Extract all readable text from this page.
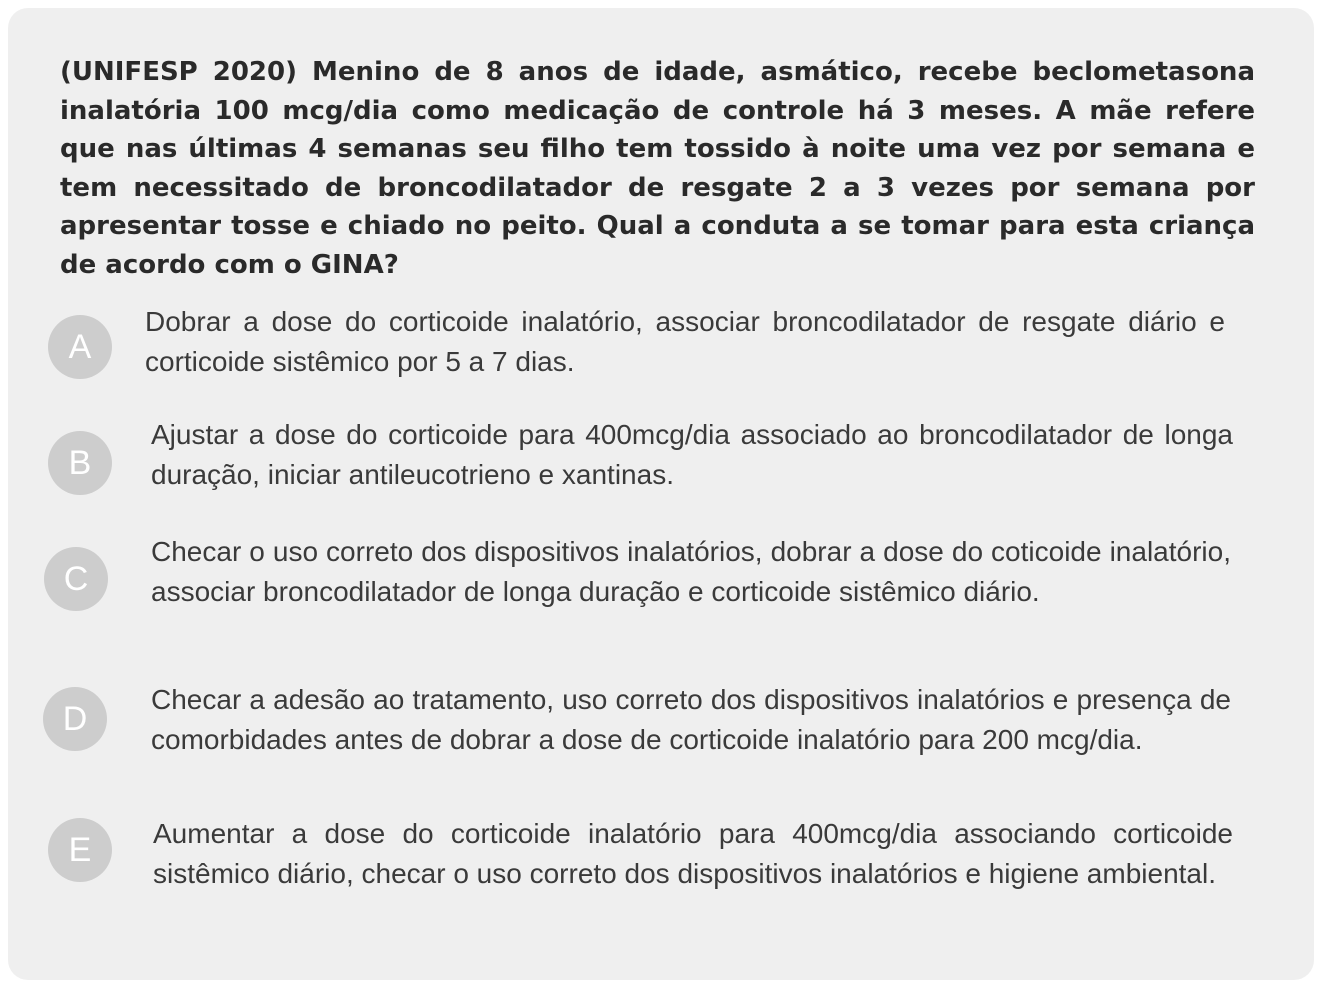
(UNIFESP 2020) Menino de 8 anos de idade, asmático, recebe beclometasona inalatória 100 mcg/dia como medicação de controle há 3 meses. A mãe refere que nas últimas 4 semanas seu filho tem tossido à noite uma vez por semana e tem necessitado de broncodilatador de resgate 2 a 3 vezes por semana por apresentar tosse e chiado no peito. Qual a conduta a se tomar para esta criança de acordo com o GINA?

A

Dobrar a dose do corticoide inalatório, associar broncodilatador de resgate diário e corticoide sistêmico por 5 a 7 dias.

B

Ajustar a dose do corticoide para 400mcg/dia associado ao broncodilatador de longa duração, iniciar antileucotrieno e xantinas.

C

Checar o uso correto dos dispositivos inalatórios, dobrar a dose do coticoide inalatório, associar broncodilatador de longa duração e corticoide sistêmico diário.

D

Checar a adesão ao tratamento, uso correto dos dispositivos inalatórios e presença de comorbidades antes de dobrar a dose de corticoide inalatório para 200 mcg/dia.

E	Aumentar a dose do corticoide inalatório para 400mcg/dia associando corticoide sistêmico diário, checar o uso correto dos dispositivos inalatórios e higiene ambiental.
